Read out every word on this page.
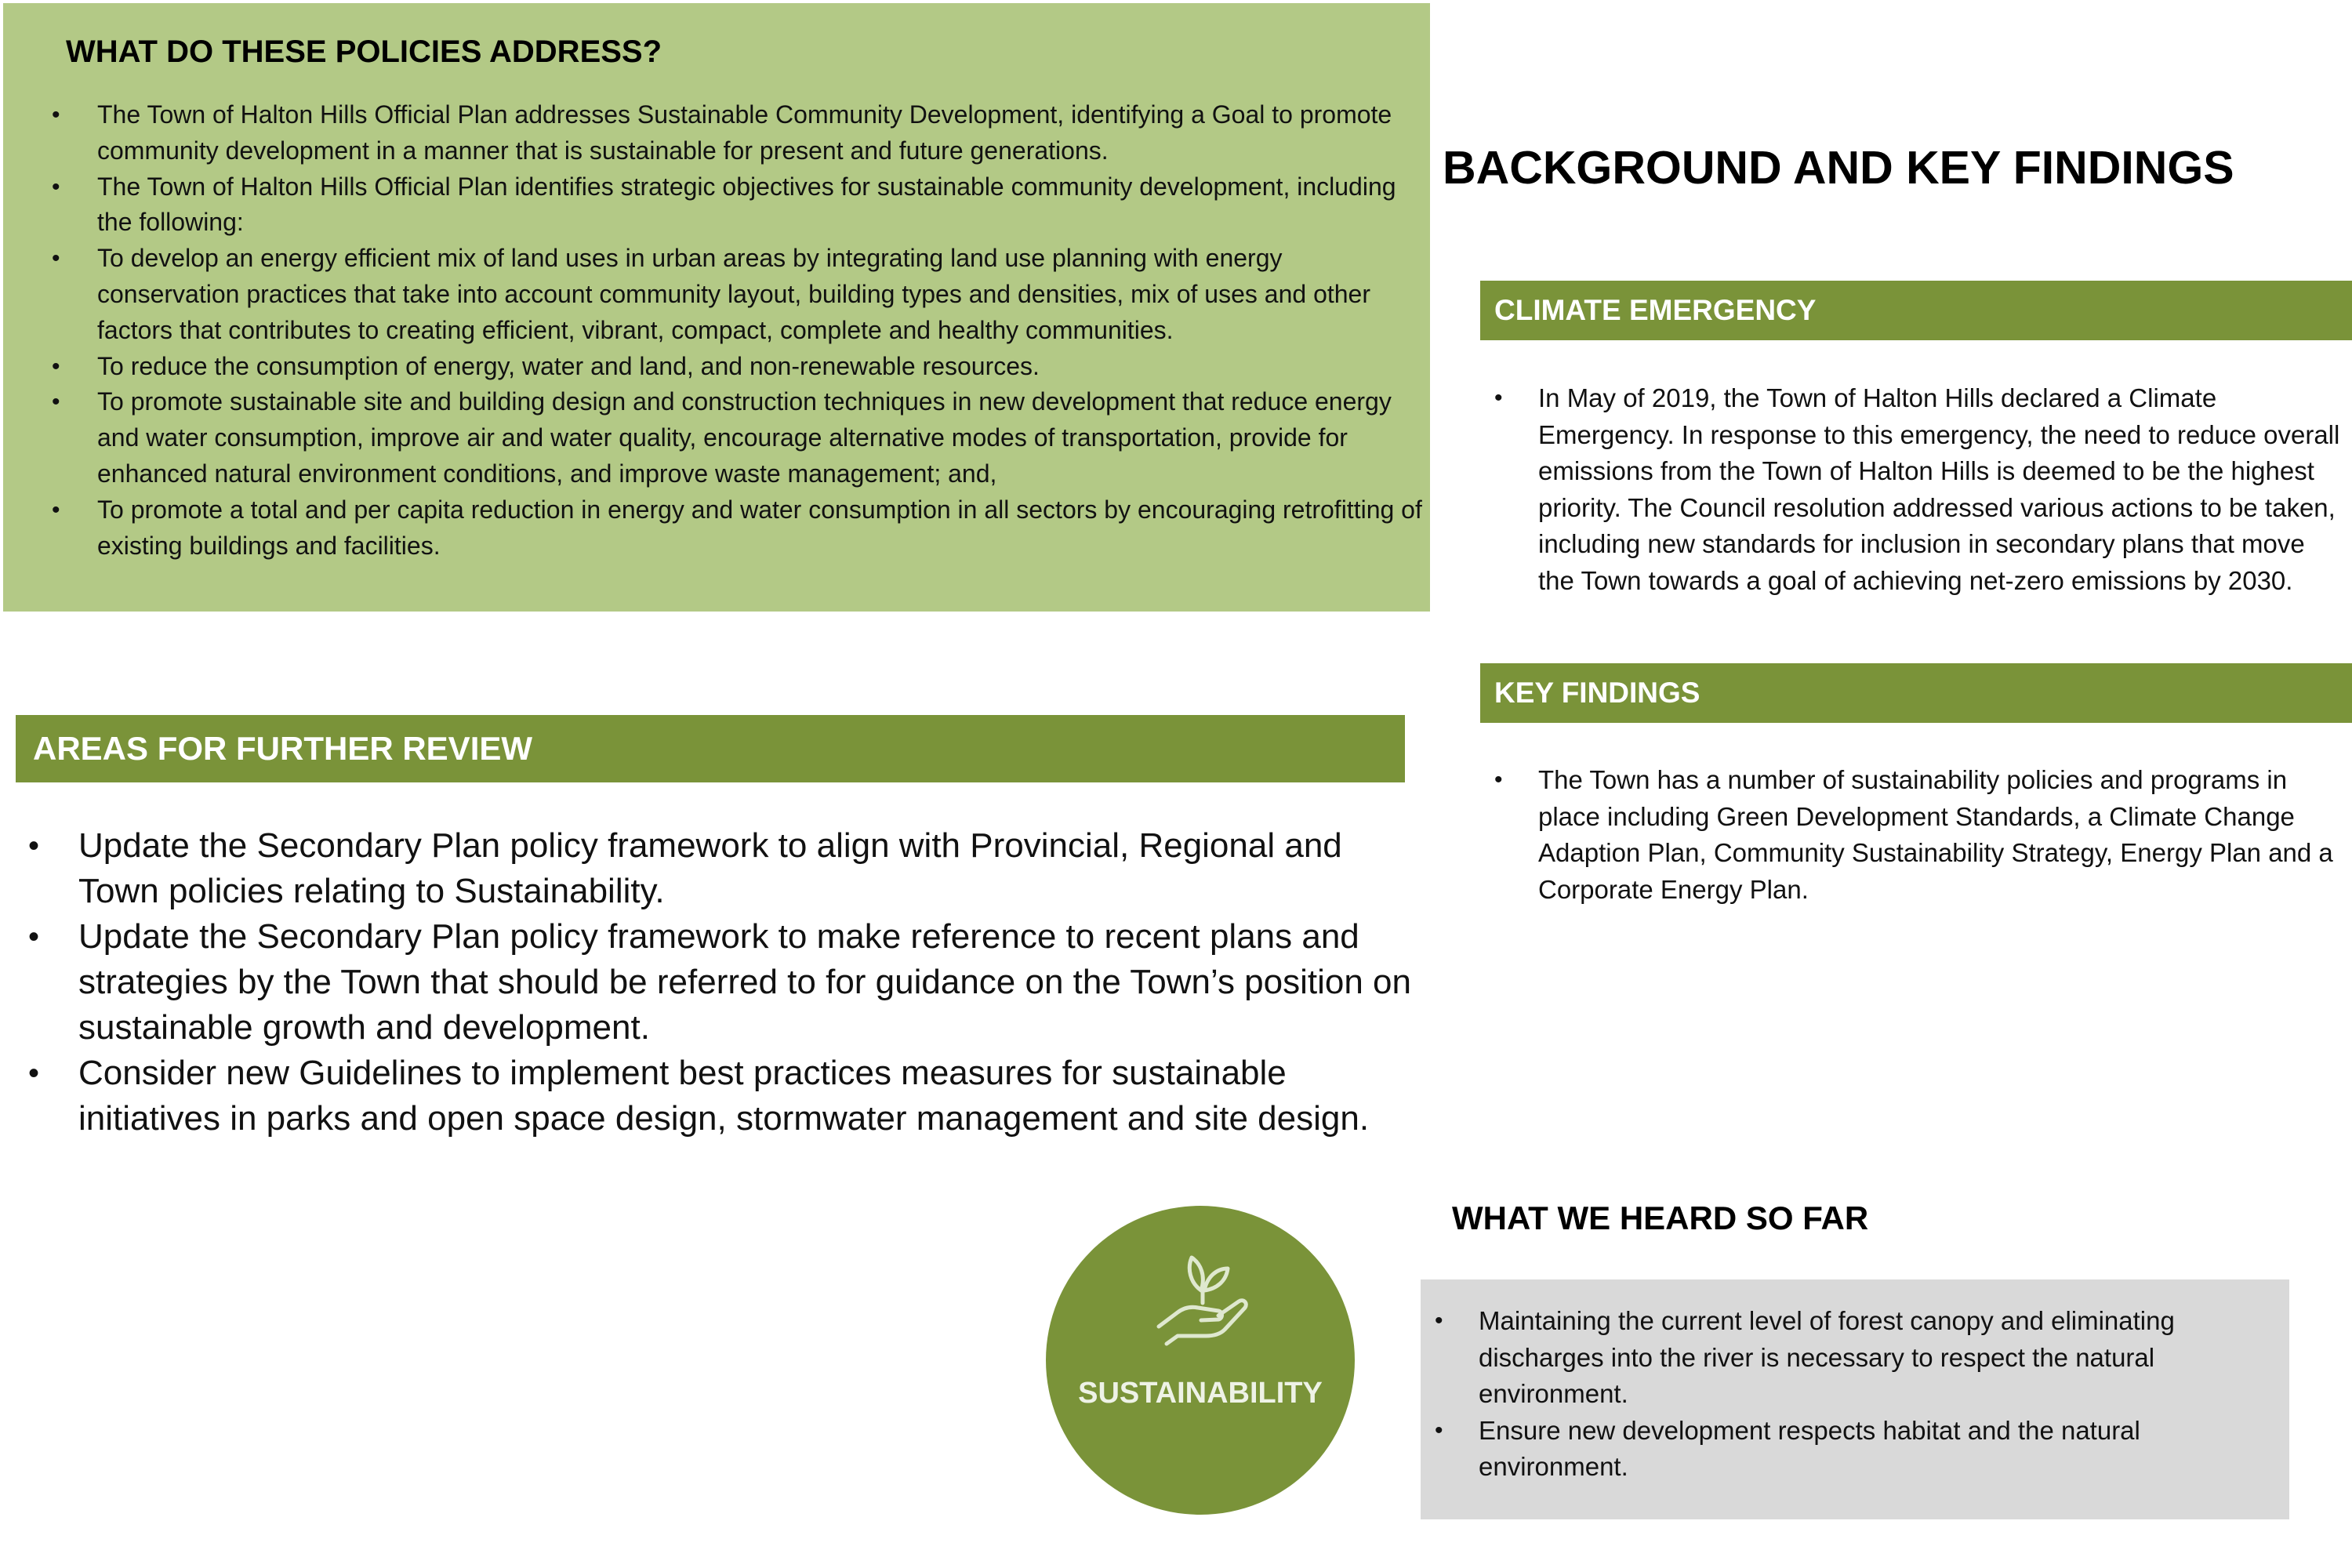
WHAT DO THESE POLICIES ADDRESS?
• The Town of Halton Hills Official Plan addresses Sustainable Community Development, identifying a Goal to promote community development in a manner that is sustainable for present and future generations.
• The Town of Halton Hills Official Plan identifies strategic objectives for sustainable community development, including the following:
• To develop an energy efficient mix of land uses in urban areas by integrating land use planning with energy conservation practices that take into account community layout, building types and densities, mix of uses and other factors that contributes to creating efficient, vibrant, compact, complete and healthy communities.
• To reduce the consumption of energy, water and land, and non-renewable resources.
• To promote sustainable site and building design and construction techniques in new development that reduce energy and water consumption, improve air and water quality, encourage alternative modes of transportation, provide for enhanced natural environment conditions, and improve waste management; and,
• To promote a total and per capita reduction in energy and water consumption in all sectors by encouraging retrofitting of existing buildings and facilities.
BACKGROUND AND KEY FINDINGS
CLIMATE EMERGENCY
• In May of 2019, the Town of Halton Hills declared a Climate Emergency. In response to this emergency, the need to reduce overall emissions from the Town of Halton Hills is deemed to be the highest priority. The Council resolution addressed various actions to be taken, including new standards for inclusion in secondary plans that move the Town towards a goal of achieving net-zero emissions by 2030.
KEY FINDINGS
• The Town has a number of sustainability policies and programs in place including Green Development Standards, a Climate Change Adaption Plan, Community Sustainability Strategy, Energy Plan and a Corporate Energy Plan.
AREAS FOR FURTHER REVIEW
• Update the Secondary Plan policy framework to align with Provincial, Regional and Town policies relating to Sustainability.
• Update the Secondary Plan policy framework to make reference to recent plans and strategies by the Town that should be referred to for guidance on the Town’s position on sustainable growth and development.
• Consider new Guidelines to implement best practices measures for sustainable initiatives in parks and open space design, stormwater management and site design.
SUSTAINABILITY
WHAT WE HEARD SO FAR
• Maintaining the current level of forest canopy and eliminating discharges into the river is necessary to respect the natural environment.
• Ensure new development respects habitat and the natural environment.
